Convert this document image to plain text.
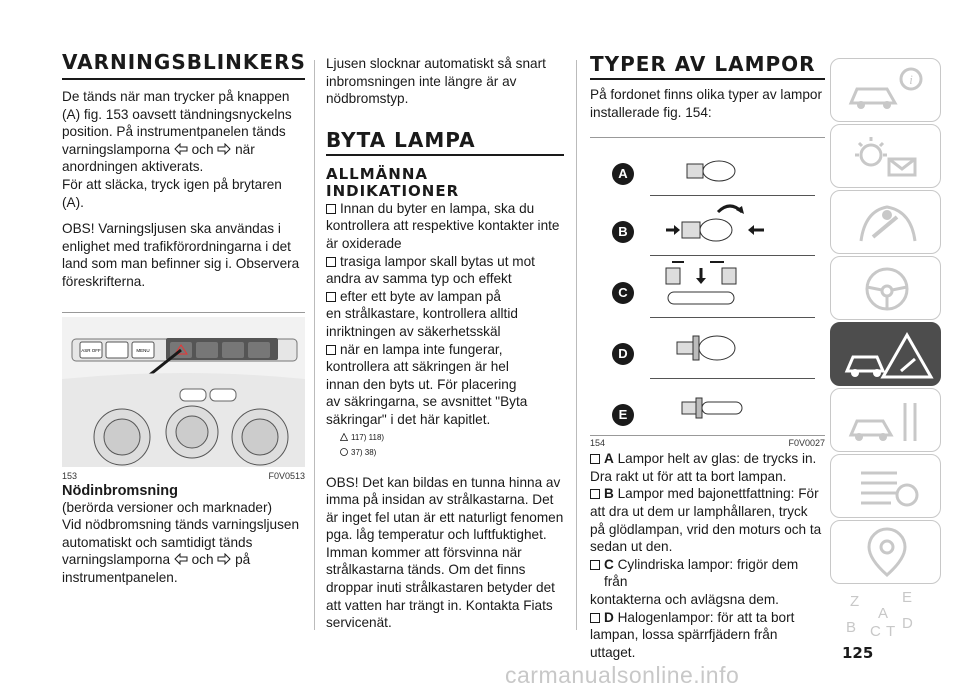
VARNINGSBLINKERS

De tänds när man trycker på knappen

(A) fig. 153 oavsett tändningsnyckelns

position. På instrumentpanelen tänds

varningslamporna och när

anordningen aktiverats.

För att släcka, tryck igen på brytaren

(A).

OBS! Varningsljusen ska användas i

enlighet med trafikförordningarna i det

land som man befinner sig i. Observera

föreskrifterna.

ASR OFF	MENU
153	F0V0513
Nödinbromsning

(berörda versioner och marknader)

Vid nödbromsning tänds varningsljusen

automatiskt och samtidigt tänds

varningslamporna och på

instrumentpanelen.

Ljusen slocknar automatiskt så snart

inbromsningen inte längre är av

nödbromstyp.

BYTA LAMPA
ALLMÄNNA
INDIKATIONER

Innan du byter en lampa, ska du

kontrollera att respektive kontakter inte

är oxiderade

trasiga lampor skall bytas ut mot

andra av samma typ och effekt

efter ett byte av lampan på

en strålkastare, kontrollera alltid

inriktningen av säkerhetsskäl

när en lampa inte fungerar,

kontrollera att säkringen är hel

innan den byts ut. För placering

av säkringarna, se avsnittet "Byta

säkringar" i det här kapitlet.

117) 118)
37) 38)

OBS! Det kan bildas en tunna hinna av

imma på insidan av strålkastarna. Det

är inget fel utan är ett naturligt fenomen

pga. låg temperatur och luftfuktighet.

Imman kommer att försvinna när

strålkastarna tänds. Om det finns

droppar inuti strålkastaren betyder det

att vatten har trängt in. Kontakta Fiats

servicenät.

TYPER AV LAMPOR

På fordonet finns olika typer av lampor

installerade fig. 154:

A
B
C
D
E
154	F0V0027

A Lampor helt av glas: de trycks in.

Dra rakt ut för att ta bort lampan.

B Lampor med bajonettfattning: För

att dra ut dem ur lamphållaren, tryck

på glödlampan, vrid den moturs och ta

sedan ut den.

C Cylindriska lampor: frigör dem från

kontakterna och avlägsna dem.

D Halogenlampor: för att ta bort

lampan, lossa spärrfjädern från uttaget.

i
Z	E
A
B C T D
125
carmanualsonline.info
